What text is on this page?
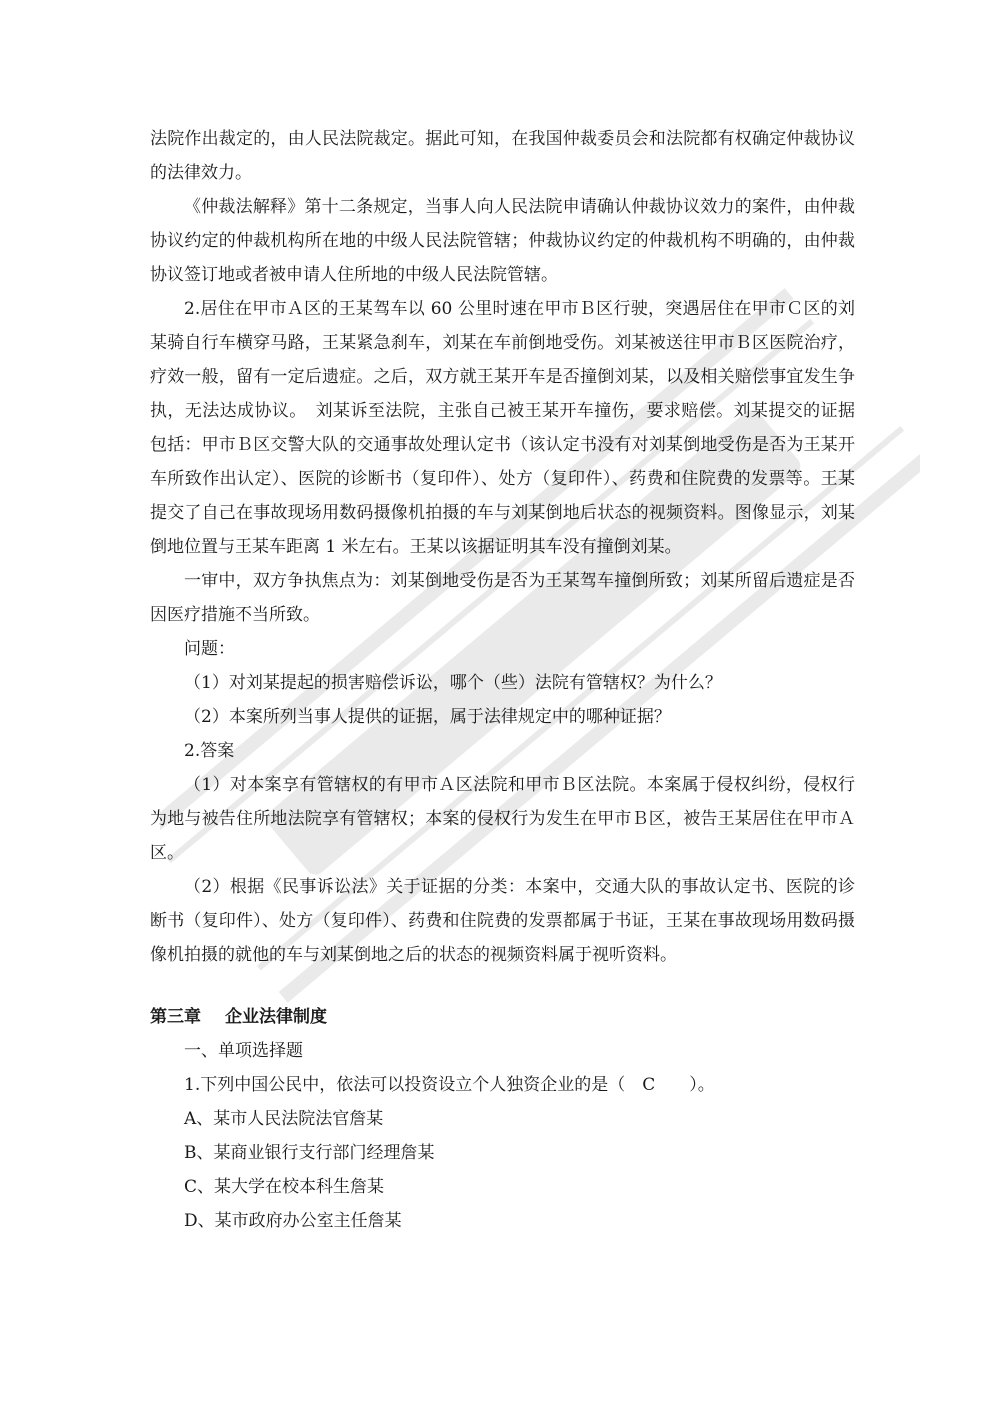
法院作出裁定的，由人民法院裁定。据此可知，在我国仲裁委员会和法院都有权确定仲裁协议的法律效力。

《仲裁法解释》第十二条规定，当事人向人民法院申请确认仲裁协议效力的案件，由仲裁协议约定的仲裁机构所在地的中级人民法院管辖；仲裁协议约定的仲裁机构不明确的，由仲裁协议签订地或者被申请人住所地的中级人民法院管辖。

2.居住在甲市Ａ区的王某驾车以 60 公里时速在甲市Ｂ区行驶，突遇居住在甲市Ｃ区的刘某骑自行车横穿马路，王某紧急刹车，刘某在车前倒地受伤。刘某被送往甲市Ｂ区医院治疗，疗效一般，留有一定后遗症。之后，双方就王某开车是否撞倒刘某，以及相关赔偿事宜发生争执，无法达成协议。　刘某诉至法院，主张自己被王某开车撞伤，要求赔偿。刘某提交的证据包括：甲市Ｂ区交警大队的交通事故处理认定书（该认定书没有对刘某倒地受伤是否为王某开车所致作出认定）、医院的诊断书（复印件）、处方（复印件）、药费和住院费的发票等。王某提交了自己在事故现场用数码摄像机拍摄的车与刘某倒地后状态的视频资料。图像显示，刘某倒地位置与王某车距离 1 米左右。王某以该据证明其车没有撞倒刘某。

一审中，双方争执焦点为：刘某倒地受伤是否为王某驾车撞倒所致；刘某所留后遗症是否因医疗措施不当所致。

问题：

（1）对刘某提起的损害赔偿诉讼，哪个（些）法院有管辖权？为什么？

（2）本案所列当事人提供的证据，属于法律规定中的哪种证据？

2.答案

（1）对本案享有管辖权的有甲市Ａ区法院和甲市Ｂ区法院。本案属于侵权纠纷，侵权行为地与被告住所地法院享有管辖权；本案的侵权行为发生在甲市Ｂ区，被告王某居住在甲市Ａ区。

（2）根据《民事诉讼法》关于证据的分类：本案中，交通大队的事故认定书、医院的诊断书（复印件）、处方（复印件）、药费和住院费的发票都属于书证，王某在事故现场用数码摄像机拍摄的就他的车与刘某倒地之后的状态的视频资料属于视听资料。

第三章 企业法律制度

一、单项选择题

1.下列中国公民中，依法可以投资设立个人独资企业的是（　C　　）。

A、某市人民法院法官詹某

B、某商业银行支行部门经理詹某

C、某大学在校本科生詹某

D、某市政府办公室主任詹某
